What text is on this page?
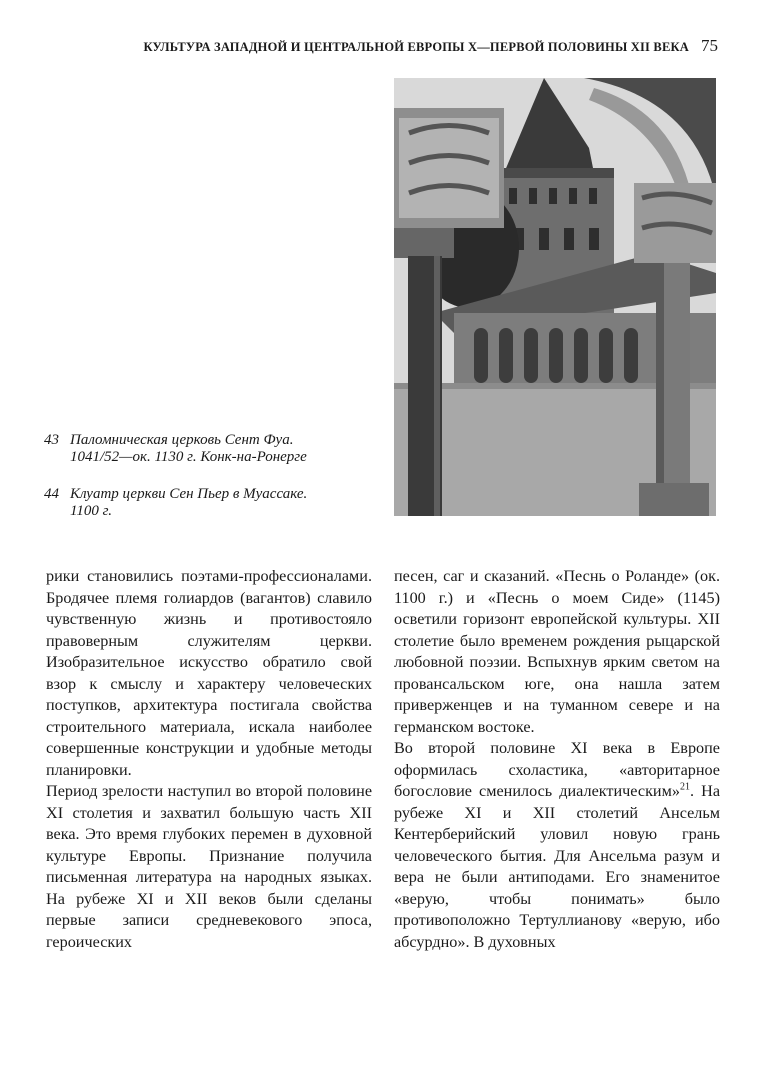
КУЛЬТУРА ЗАПАДНОЙ И ЦЕНТРАЛЬНОЙ ЕВРОПЫ X—ПЕРВОЙ ПОЛОВИНЫ XII ВЕКА 75
43 Паломническая церковь Сент Фуа.
1041/52—ок. 1130 г. Конк-на-Ронерге
44 Клуатр церкви Сен Пьер в Муассаке.
1100 г.

рики становились поэтами-профессионалами. Бродячее племя голиардов (вагантов) славило чувственную жизнь и противостояло правоверным служителям церкви. Изобразительное искусство обратило свой взор к смыслу и характеру человеческих поступков, архитектура постигала свойства строительного материала, искала наиболее совершенные конструкции и удобные методы планировки.

Период зрелости наступил во второй половине XI столетия и захватил большую часть XII века. Это время глубоких перемен в духовной культуре Европы. Признание получила письменная литература на народных языках. На рубеже XI и XII веков были сделаны первые записи средневекового эпоса, героических

песен, саг и сказаний. «Песнь о Роланде» (ок. 1100 г.) и «Песнь о моем Сиде» (1145) осветили горизонт европейской культуры. XII столетие было временем рождения рыцарской любовной поэзии. Вспыхнув ярким светом на провансальском юге, она нашла затем приверженцев и на туманном севере и на германском востоке.

Во второй половине XI века в Европе оформилась схоластика, «авторитарное богословие сменилось диалектическим»$^{21}$. На рубеже XI и XII столетий Ансельм Кентерберийский уловил новую грань человеческого бытия. Для Ансельма разум и вера не были антиподами. Его знаменитое «верую, чтобы понимать» было противоположно Тертуллианову «верую, ибо абсурдно». В духовных
